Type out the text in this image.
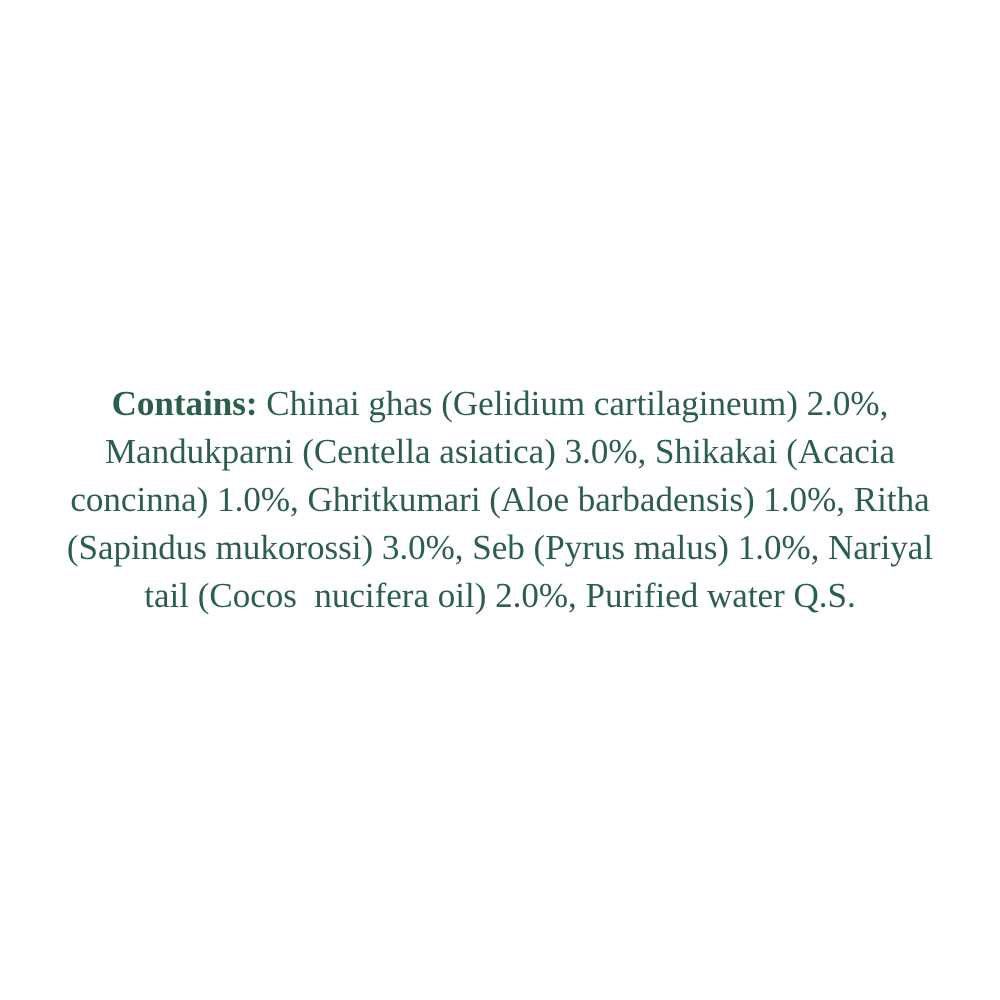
Contains: Chinai ghas (Gelidium cartilagineum) 2.0%,
Mandukparni (Centella asiatica) 3.0%, Shikakai (Acacia
concinna) 1.0%, Ghritkumari (Aloe barbadensis) 1.0%, Ritha
(Sapindus mukorossi) 3.0%, Seb (Pyrus malus) 1.0%, Nariyal
tail (Cocos  nucifera oil) 2.0%, Purified water Q.S.
